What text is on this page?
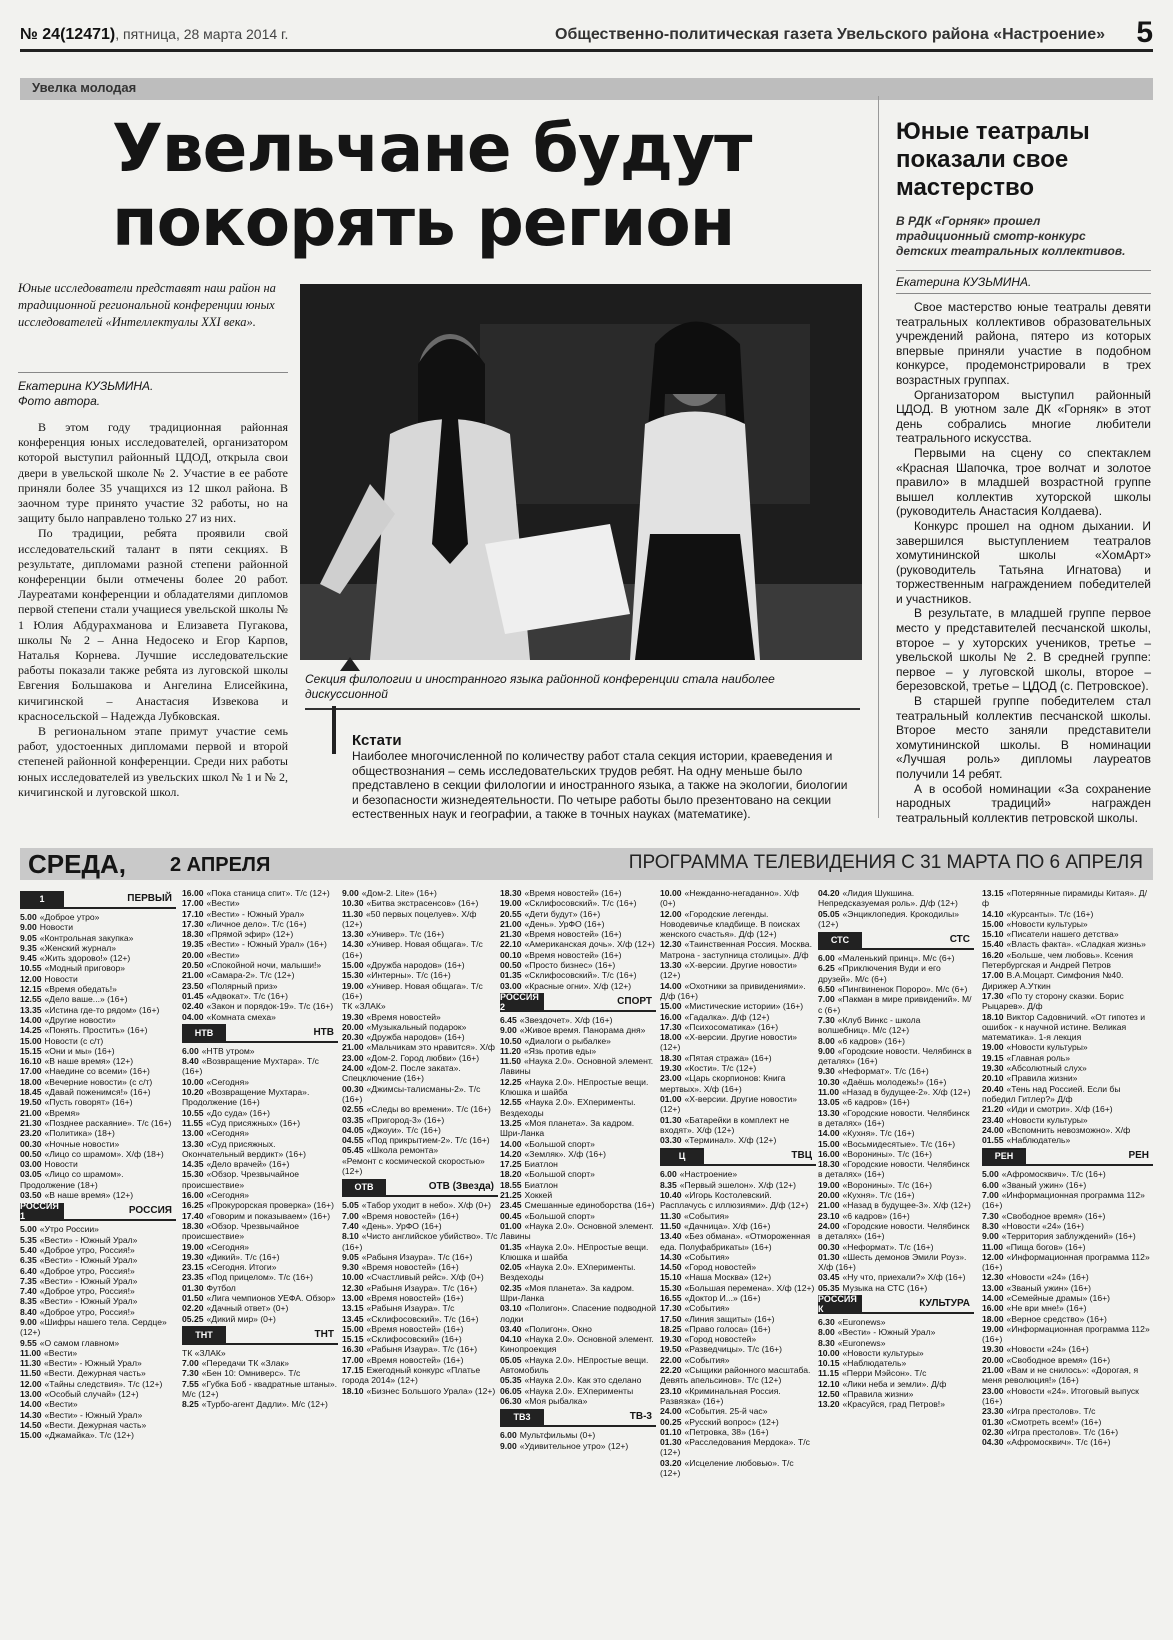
№ 24(12471), пятница, 28 марта 2014 г.	Общественно-политическая газета Увельского района «Настроение» 5
Увелка молодая
Увельчане будут покорять регион
Юные исследователи представят наш район на традиционной региональной конференции юных исследователей «Интеллектуалы XXI века».
Екатерина КУЗЬМИНА.
Фото автора.

В этом году традиционная районная конференция юных исследователей, организатором которой выступил районный ЦДОД, открыла свои двери в увельской школе № 2. Участие в ее работе приняли более 35 учащихся из 12 школ района. В заочном туре принято участие 32 работы, но на защиту было направлено только 27 из них.

По традиции, ребята проявили свой исследовательский талант в пяти секциях. В результате, дипломами разной степени районной конференции были отмечены более 20 работ. Лауреатами конференции и обладателями дипломов первой степени стали учащиеся увельской школы № 1 Юлия Абдурахманова и Елизавета Пугакова, школы № 2 – Анна Недосеко и Егор Карпов, Наталья Корнева. Лучшие исследовательские работы показали также ребята из луговской школы Евгения Большакова и Ангелина Елисейкина, кичигинской – Анастасия Извекова и красносельской – Надежда Лубковская.

В региональном этапе примут участие семь работ, удостоенных дипломами первой и второй степеней районной конференции. Среди них работы юных исследователей из увельских школ № 1 и № 2, кичигинской и луговской школ.

Секция филологии и иностранного языка районной конференции стала наиболее дискуссионной
Кстати
Наиболее многочисленной по количеству работ стала секция истории, краеведения и обществознания – семь исследовательских трудов ребят. На одну меньше было представлено в секции филологии и иностранного языка, а также на экологии, биологии и безопасности жизнедеятельности. По четыре работы было презентовано на секции естественных наук и географии, а также в точных науках (математике).
Юные театралы показали свое мастерство
В РДК «Горняк» прошел традиционный смотр-конкурс детских театральных коллективов.
Екатерина КУЗЬМИНА.

Свое мастерство юные театралы девяти театральных коллективов образовательных учреждений района, пятеро из которых впервые приняли участие в подобном конкурсе, продемонстрировали в трех возрастных группах.

Организатором выступил районный ЦДОД. В уютном зале ДК «Горняк» в этот день собрались многие любители театрального искусства.

Первыми на сцену со спектаклем «Красная Шапочка, трое волчат и золотое правило» в младшей возрастной группе вышел коллектив хуторской школы (руководитель Анастасия Колдаева).

Конкурс прошел на одном дыхании. И завершился выступлением театралов хомутининской школы «ХомАрт» (руководитель Татьяна Игнатова) и торжественным награждением победителей и участников.

В результате, в младшей группе первое место у представителей песчанской школы, второе – у хуторских учеников, третье – увельской школы № 2. В средней группе: первое – у луговской школы, второе – березовской, третье – ЦДОД (с. Петровское).

В старшей группе победителем стал театральный коллектив песчанской школы. Второе место заняли представители хомутининской школы. В номинации «Лучшая роль» дипломы лауреатов получили 14 ребят.

А в особой номинации «За сохранение народных традиций» награжден театральный коллектив петровской школы.

СРЕДА, 2 АПРЕЛЯ	ПРОГРАММА ТЕЛЕВИДЕНИЯ С 31 МАРТА ПО 6 АПРЕЛЯ
1	ПЕРВЫЙ
5.00 «Доброе утро»
9.00 Новости
9.05 «Контрольная закупка»
9.35 «Женский журнал»
9.45 «Жить здорово!» (12+)
10.55 «Модный приговор»
12.00 Новости
12.15 «Время обедать!»
12.55 «Дело ваше...» (16+)
13.35 «Истина где-то рядом» (16+)
14.00 «Другие новости»
14.25 «Понять. Простить» (16+)
15.00 Новости (с с/т)
15.15 «Они и мы» (16+)
16.10 «В наше время» (12+)
17.00 «Наедине со всеми» (16+)
18.00 «Вечерние новости» (с с/т)
18.45 «Давай поженимся!» (16+)
19.50 «Пусть говорят» (16+)
21.00 «Время»
21.30 «Позднее раскаяние». Т/с (16+)
23.20 «Политика» (18+)
00.30 «Ночные новости»
00.50 «Лицо со шрамом». Х/ф (18+)
03.00 Новости
03.05 «Лицо со шрамом». Продолжение (18+)
03.50 «В наше время» (12+)
РОССИЯ 1
РОССИЯ
5.00 «Утро России»
5.35 «Вести» - Южный Урал»
5.40 «Доброе утро, Россия!»
6.35 «Вести» - Южный Урал»
6.40 «Доброе утро, Россия!»
7.35 «Вести» - Южный Урал»
7.40 «Доброе утро, Россия!»
8.35 «Вести» - Южный Урал»
8.40 «Доброе утро, Россия!»
9.00 «Шифры нашего тела. Сердце» (12+)
9.55 «О самом главном»
11.00 «Вести»
11.30 «Вести» - Южный Урал»
11.50 «Вести. Дежурная часть»
12.00 «Тайны следствия». Т/с (12+)
13.00 «Особый случай» (12+)
14.00 «Вести»
14.30 «Вести» - Южный Урал»
14.50 «Вести. Дежурная часть»
15.00 «Джамайка». Т/с (12+)
16.00 «Пока станица спит». Т/с (12+)
17.00 «Вести»
17.10 «Вести» - Южный Урал»
17.30 «Личное дело». Т/с (16+)
18.30 «Прямой эфир» (12+)
19.35 «Вести» - Южный Урал» (16+)
20.00 «Вести»
20.50 «Спокойной ночи, малыши!»
21.00 «Самара-2». Т/с (12+)
23.50 «Полярный приз»
01.45 «Адвокат». Т/с (16+)
02.40 «Закон и порядок-19». Т/с (16+)
04.00 «Комната смеха»
НТВ	НТВ
6.00 «НТВ утром»
8.40 «Возвращение Мухтара». Т/с (16+)
10.00 «Сегодня»
10.20 «Возвращение Мухтара». Продолжение (16+)
10.55 «До суда» (16+)
11.55 «Суд присяжных» (16+)
13.00 «Сегодня»
13.30 «Суд присяжных. Окончательный вердикт» (16+)
14.35 «Дело врачей» (16+)
15.30 «Обзор. Чрезвычайное происшествие»
16.00 «Сегодня»
16.25 «Прокурорская проверка» (16+)
17.40 «Говорим и показываем» (16+)
18.30 «Обзор. Чрезвычайное происшествие»
19.00 «Сегодня»
19.30 «Дикий». Т/с (16+)
23.15 «Сегодня. Итоги»
23.35 «Под прицелом». Т/с (16+)
01.30 Футбол
01.50 «Лига чемпионов УЕФА. Обзор»
02.20 «Дачный ответ» (0+)
05.25 «Дикий мир» (0+)
ТНТ	ТНТ
ТК «ЗЛАК»
7.00 «Передачи ТК «Злак»
7.30 «Бен 10: Омниверс». Т/с
7.55 «Губка Боб - квадратные штаны». М/с (12+)
8.25 «Турбо-агент Дадли». М/с (12+)
9.00 «Дом-2. Lite» (16+)
10.30 «Битва экстрасенсов» (16+)
11.30 «50 первых поцелуев». Х/ф (12+)
13.30 «Универ». Т/с (16+)
14.30 «Универ. Новая общага». Т/с (16+)
15.00 «Дружба народов» (16+)
15.30 «Интерны». Т/с (16+)
19.00 «Универ. Новая общага». Т/с (16+)
ТК «ЗЛАК»
19.30 «Время новостей»
20.00 «Музыкальный подарок»
20.30 «Дружба народов» (16+)
21.00 «Мальчикам это нравится». Х/ф
23.00 «Дом-2. Город любви» (16+)
24.00 «Дом-2. После заката». Спецключение (16+)
00.30 «Джимсы-талисманы-2». Т/с (16+)
02.55 «Следы во времени». Т/с (16+)
03.35 «Пригород-3» (16+)
04.05 «Джоуи». Т/с (16+)
04.55 «Под прикрытием-2». Т/с (16+)
05.45 «Школа ремонта»
«Ремонт с космической скоростью» (12+)
ОТВ	ОТВ (Звезда)
5.05 «Табор уходит в небо». Х/ф (0+)
7.00 «Время новостей» (16+)
7.40 «День». УрФО (16+)
8.10 «Чисто английское убийство». Т/с (16+)
9.05 «Рабыня Изаура». Т/с (16+)
9.30 «Время новостей» (16+)
10.00 «Счастливый рейс». Х/ф (0+)
12.30 «Рабыня Изаура». Т/с (16+)
13.00 «Время новостей» (16+)
13.15 «Рабыня Изаура». Т/с
13.45 «Склифосовский». Т/с (16+)
15.00 «Время новостей» (16+)
15.15 «Склифосовский» (16+)
16.30 «Рабыня Изаура». Т/с (16+)
17.00 «Время новостей» (16+)
17.15 Ежегодный конкурс «Платье города 2014» (12+)
18.10 «Бизнес Большого Урала» (12+)
18.30 «Время новостей» (16+)
19.00 «Склифосовский». Т/с (16+)
20.55 «Дети будут» (16+)
21.00 «День». УрФО (16+)
21.30 «Время новостей» (16+)
22.10 «Американская дочь». Х/ф (12+)
00.10 «Время новостей» (16+)
00.50 «Просто бизнес» (16+)
01.35 «Склифосовский». Т/с (16+)
03.00 «Красные огни». Х/ф (12+)
РОССИЯ 2
СПОРТ
6.45 «Звездочет». Х/ф (16+)
9.00 «Живое время. Панорама дня»
10.50 «Диалоги о рыбалке»
11.20 «Язь против еды»
11.50 «Наука 2.0». Основной элемент. Лавины
12.25 «Наука 2.0». НЕпростые вещи. Клюшка и шайба
12.55 «Наука 2.0». ЕХперименты. Вездеходы
13.25 «Моя планета». За кадром. Шри-Ланка
14.00 «Большой спорт»
14.20 «Земляк». Х/ф (16+)
17.25 Биатлон
18.20 «Большой спорт»
18.55 Биатлон
21.25 Хоккей
23.45 Смешанные единоборства (16+)
00.45 «Большой спорт»
01.00 «Наука 2.0». Основной элемент. Лавины
01.35 «Наука 2.0». НЕпростые вещи. Клюшка и шайба
02.05 «Наука 2.0». ЕХперименты. Вездеходы
02.35 «Моя планета». За кадром. Шри-Ланка
03.10 «Полигон». Спасение подводной лодки
03.40 «Полигон». Окно
04.10 «Наука 2.0». Основной элемент. Кинопроекция
05.05 «Наука 2.0». НЕпростые вещи. Автомобиль
05.35 «Наука 2.0». Как это сделано
06.05 «Наука 2.0». ЕХперименты
06.30 «Моя рыбалка»
ТВ3	ТВ-3
6.00 Мультфильмы (0+)
9.00 «Удивительное утро» (12+)
10.00 «Нежданно-негаданно». Х/ф (0+)
12.00 «Городские легенды. Новодевичье кладбище. В поисках женского счастья». Д/ф (12+)
12.30 «Таинственная Россия. Москва. Матрона - заступница столицы». Д/ф
13.30 «Х-версии. Другие новости» (12+)
14.00 «Охотники за привидениями». Д/ф (16+)
15.00 «Мистические истории» (16+)
16.00 «Гадалка». Д/ф (12+)
17.30 «Психосоматика» (16+)
18.00 «Х-версии. Другие новости» (12+)
18.30 «Пятая стража» (16+)
19.30 «Кости». Т/с (12+)
23.00 «Царь скорпионов: Книга мертвых». Х/ф (16+)
01.00 «Х-версии. Другие новости» (12+)
01.30 «Батарейки в комплект не входят». Х/ф (12+)
03.30 «Терминал». Х/ф (12+)
Ц	ТВЦ
6.00 «Настроение»
8.35 «Первый эшелон». Х/ф (12+)
10.40 «Игорь Костолевский. Расплачусь с иллюзиями». Д/ф (12+)
11.30 «События»
11.50 «Дачница». Х/ф (16+)
13.40 «Без обмана». «Отмороженная еда. Полуфабрикаты» (16+)
14.30 «События»
14.50 «Город новостей»
15.10 «Наша Москва» (12+)
15.30 «Большая перемена». Х/ф (12+)
16.55 «Доктор И...» (16+)
17.30 «События»
17.50 «Линия защиты» (16+)
18.25 «Право голоса» (16+)
19.30 «Город новостей»
19.50 «Разведчицы». Т/с (16+)
22.00 «События»
22.20 «Сыщики районного масштаба. Девять апельсинов». Т/с (12+)
23.10 «Криминальная Россия. Развязка» (16+)
24.00 «События. 25-й час»
00.25 «Русский вопрос» (12+)
01.10 «Петровка, 38» (16+)
01.30 «Расследования Мердока». Т/с (12+)
03.20 «Исцеление любовью». Т/с (12+)
04.20 «Лидия Шукшина. Непредсказуемая роль». Д/ф (12+)
05.05 «Энциклопедия. Крокодилы» (12+)
СТС	СТС
6.00 «Маленький принц». М/с (6+)
6.25 «Приключения Вуди и его друзей». М/с (6+)
6.50 «Пингвиненок Пороро». М/с (6+)
7.00 «Пакман в мире привидений». М/с (6+)
7.30 «Клуб Винкс - школа волшебниц». М/с (12+)
8.00 «6 кадров» (16+)
9.00 «Городские новости. Челябинск в деталях» (16+)
9.30 «Неформат». Т/с (16+)
10.30 «Даёшь молодежь!» (16+)
11.00 «Назад в будущее-2». Х/ф (12+)
13.05 «6 кадров» (16+)
13.30 «Городские новости. Челябинск в деталях» (16+)
14.00 «Кухня». Т/с (16+)
15.00 «Восьмидесятые». Т/с (16+)
16.00 «Воронины». Т/с (16+)
18.30 «Городские новости. Челябинск в деталях» (16+)
19.00 «Воронины». Т/с (16+)
20.00 «Кухня». Т/с (16+)
21.00 «Назад в будущее-3». Х/ф (12+)
23.10 «6 кадров» (16+)
24.00 «Городские новости. Челябинск в деталях» (16+)
00.30 «Неформат». Т/с (16+)
01.30 «Шесть демонов Эмили Роуз». Х/ф (16+)
03.45 «Ну что, приехали?» Х/ф (16+)
05.35 Музыка на СТС (16+)
РОССИЯ К
КУЛЬТУРА
6.30 «Euronews»
8.00 «Вести» - Южный Урал»
8.30 «Euronews»
10.00 «Новости культуры»
10.15 «Наблюдатель»
11.15 «Перри Мэйсон». Т/с
12.10 «Лики неба и земли». Д/ф
12.50 «Правила жизни»
13.20 «Красуйся, град Петров!»
13.15 «Потерянные пирамиды Китая». Д/ф
14.10 «Курсанты». Т/с (16+)
15.00 «Новости культуры»
15.10 «Писатели нашего детства»
15.40 «Власть факта». «Сладкая жизнь»
16.20 «Больше, чем любовь». Ксения Петербургская и Андрей Петров
17.00 В.А.Моцарт. Симфония №40. Дирижер А.Уткин
17.30 «По ту сторону сказки. Борис Рыцарев». Д/ф
18.10 Виктор Садовничий. «От гипотез и ошибок - к научной истине. Великая математика». 1-я лекция
19.00 «Новости культуры»
19.15 «Главная роль»
19.30 «Абсолютный слух»
20.10 «Правила жизни»
20.40 «Тень над Россией. Если бы победил Гитлер?» Д/ф
21.20 «Иди и смотри». Х/ф (16+)
23.40 «Новости культуры»
24.00 «Вспомнить невозможно». Х/ф
01.55 «Наблюдатель»
РЕН	РЕН
5.00 «Афромосквич». Т/с (16+)
6.00 «Званый ужин» (16+)
7.00 «Информационная программа 112» (16+)
7.30 «Свободное время» (16+)
8.30 «Новости «24» (16+)
9.00 «Территория заблуждений» (16+)
11.00 «Пища богов» (16+)
12.00 «Информационная программа 112» (16+)
12.30 «Новости «24» (16+)
13.00 «Званый ужин» (16+)
14.00 «Семейные драмы» (16+)
16.00 «Не ври мне!» (16+)
18.00 «Верное средство» (16+)
19.00 «Информационная программа 112» (16+)
19.30 «Новости «24» (16+)
20.00 «Свободное время» (16+)
21.00 «Вам и не снилось»: «Дорогая, я меня революция!» (16+)
23.00 «Новости «24». Итоговый выпуск (16+)
23.30 «Игра престолов». Т/с
01.30 «Смотреть всем!» (16+)
02.30 «Игра престолов». Т/с (16+)
04.30 «Афромосквич». Т/с (16+)
